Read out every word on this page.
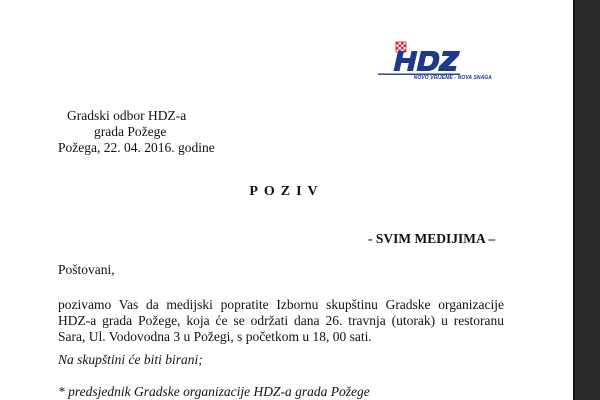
NOVO VRIJEME - NOVA SNAGA
Gradski odbor HDZ-a
grada Požege
Požega, 22. 04. 2016. godine
POZIV
- SVIM MEDIJIMA –
Poštovani,
pozivamo Vas da medijski popratite Izbornu skupštinu Gradske organizacije
HDZ-a grada Požege, koja će se održati dana 26. travnja (utorak) u restoranu
Sara, Ul. Vodovodna 3 u Požegi, s početkom u 18, 00 sati.
Na skupštini će biti birani;
* predsjednik Gradske organizacije HDZ-a grada Požege
